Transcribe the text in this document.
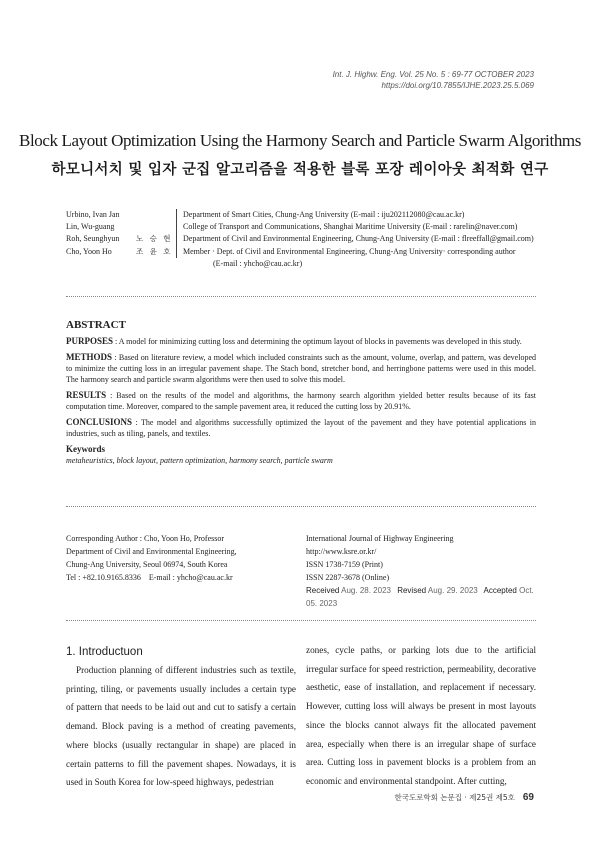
Int. J. Highw. Eng. Vol. 25 No. 5 : 69-77 OCTOBER 2023
https://doi.org/10.7855/IJHE.2023.25.5.069
Block Layout Optimization Using the Harmony Search and Particle Swarm Algorithms
하모니서치 및 입자 군집 알고리즘을 적용한 블록 포장 레이아웃 최적화 연구
Urbino, Ivan Jan	Department of Smart Cities, Chung-Ang University (E-mail : iju202112080@cau.ac.kr)
Lin, Wu-guang	College of Transport and Communications, Shanghai Maritime University (E-mail : rarelin@naver.com)
Roh, Seunghyun	노 승 현	Department of Civil and Environmental Engineering, Chung-Ang University (E-mail : flreeffall@gmail.com)
Cho, Yoon Ho	조 윤 호	Member · Dept. of Civil and Environmental Engineering, Chung-Ang University· corresponding author
(E-mail : yhcho@cau.ac.kr)
ABSTRACT
PURPOSES : A model for minimizing cutting loss and determining the optimum layout of blocks in pavements was developed in this study.
METHODS : Based on literature review, a model which included constraints such as the amount, volume, overlap, and pattern, was developed to minimize the cutting loss in an irregular pavement shape. The Stach bond, stretcher bond, and herringbone patterns were used in this model. The harmony search and particle swarm algorithms were then used to solve this model.
RESULTS : Based on the results of the model and algorithms, the harmony search algorithm yielded better results because of its fast computation time. Moreover, compared to the sample pavement area, it reduced the cutting loss by 20.91%.
CONCLUSIONS : The model and algorithms successfully optimized the layout of the pavement and they have potential applications in industries, such as tiling, panels, and textiles.
Keywords
metaheuristics, block layout, pattern optimization, harmony search, particle swarm
Corresponding Author : Cho, Yoon Ho, Professor
Department of Civil and Environmental Engineering,
Chung-Ang University, Seoul 06974, South Korea
Tel : +82.10.9165.8336    E-mail : yhcho@cau.ac.kr
International Journal of Highway Engineering
http://www.ksre.or.kr/
ISSN 1738-7159 (Print)
ISSN 2287-3678 (Online)
Received Aug. 28. 2023 Revised Aug. 29. 2023 Accepted Oct. 05. 2023
1. Introductuon
Production planning of different industries such as textile, printing, tiling, or pavements usually includes a certain type of pattern that needs to be laid out and cut to satisfy a certain demand. Block paving is a method of creating pavements, where blocks (usually rectangular in shape) are placed in certain patterns to fill the pavement shapes. Nowadays, it is used in South Korea for low-speed highways, pedestrian
zones, cycle paths, or parking lots due to the artificial irregular surface for speed restriction, permeability, decorative aesthetic, ease of installation, and replacement if necessary. However, cutting loss will always be present in most layouts since the blocks cannot always fit the allocated pavement area, especially when there is an irregular shape of surface area. Cutting loss in pavement blocks is a problem from an economic and environmental standpoint. After cutting,
한국도로학회 논문집 · 제25권 제5호 69
